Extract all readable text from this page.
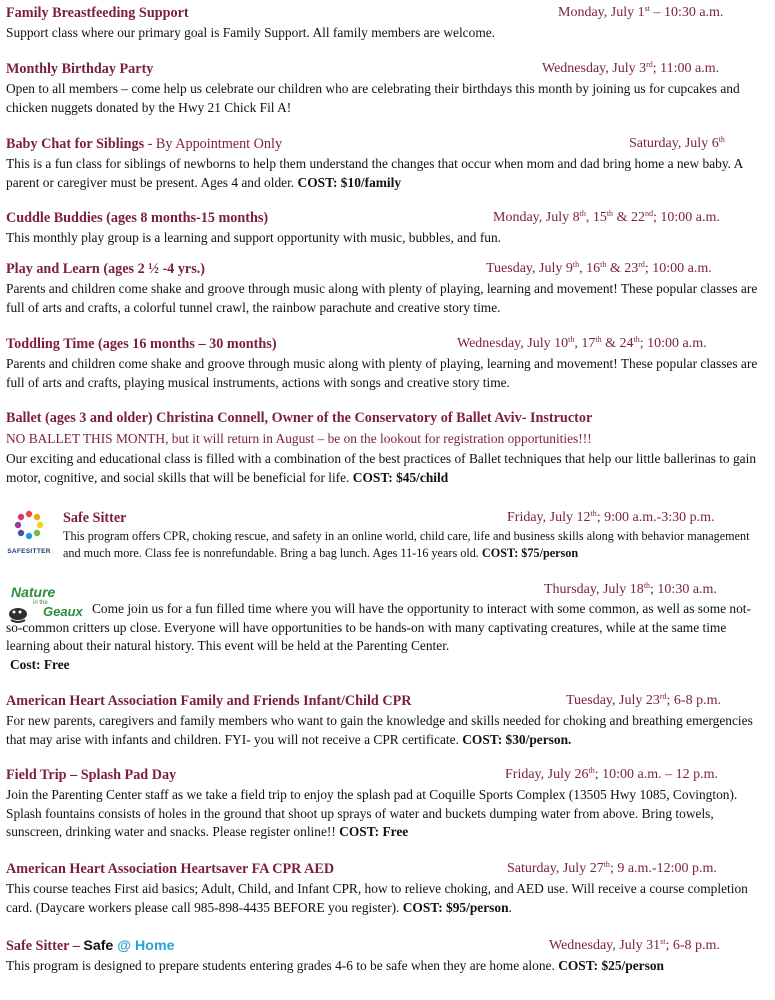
Family Breastfeeding Support	Monday, July 1st – 10:30 a.m.

Support class where our primary goal is Family Support. All family members are welcome.

Monthly Birthday Party	Wednesday, July 3rd; 11:00 a.m.

Open to all members – come help us celebrate our children who are celebrating their birthdays this month by joining us for cupcakes and chicken nuggets donated by the Hwy 21 Chick Fil A!

Baby Chat for Siblings - By Appointment Only	Saturday, July 6th

This is a fun class for siblings of newborns to help them understand the changes that occur when mom and dad bring home a new baby. A parent or caregiver must be present. Ages 4 and older. COST: $10/family

Cuddle Buddies (ages 8 months-15 months)	Monday, July 8th, 15th & 22nd; 10:00 a.m.

This monthly play group is a learning and support opportunity with music, bubbles, and fun.

Play and Learn (ages 2 ½ -4 yrs.)	Tuesday, July 9th, 16th & 23rd; 10:00 a.m.

Parents and children come shake and groove through music along with plenty of playing, learning and movement! These popular classes are full of arts and crafts, a colorful tunnel crawl, the rainbow parachute and creative story time.

Toddling Time (ages 16 months – 30 months)	Wednesday, July 10th, 17th & 24th; 10:00 a.m.

Parents and children come shake and groove through music along with plenty of playing, learning and movement! These popular classes are full of arts and crafts, playing musical instruments, actions with songs and creative story time.

Ballet (ages 3 and older) Christina Connell, Owner of the Conservatory of Ballet Aviv- Instructor

NO BALLET THIS MONTH, but it will return in August – be on the lookout for registration opportunities!!!

Our exciting and educational class is filled with a combination of the best practices of Ballet techniques that help our little ballerinas to gain motor, cognitive, and social skills that will be beneficial for life. COST: $45/child

SAFESITTER
Safe Sitter	Friday, July 12th; 9:00 a.m.-3:30 p.m.

This program offers CPR, choking rescue, and safety in an online world, child care, life and business skills along with behavior management and much more. Class fee is nonrefundable. Bring a bag lunch. Ages 11-16 years old. COST: $75/person

Nature
in the
Geaux
Thursday, July 18th; 10:30 a.m.

Come join us for a fun filled time where you will have the opportunity to interact with some common, as well as some not-so-common critters up close. Everyone will have opportunities to be hands-on with many captivating creatures, while at the same time learning about their natural history. This event will be held at the Parenting Center.

Cost: Free

American Heart Association Family and Friends Infant/Child CPR	Tuesday, July 23rd; 6-8 p.m.

For new parents, caregivers and family members who want to gain the knowledge and skills needed for choking and breathing emergencies that may arise with infants and children. FYI- you will not receive a CPR certificate. COST: $30/person.

Field Trip – Splash Pad Day	Friday, July 26th; 10:00 a.m. – 12 p.m.

Join the Parenting Center staff as we take a field trip to enjoy the splash pad at Coquille Sports Complex (13505 Hwy 1085, Covington). Splash fountains consists of holes in the ground that shoot up sprays of water and buckets dumping water from above. Bring towels, sunscreen, drinking water and snacks. Please register online!! COST: Free

American Heart Association Heartsaver FA CPR AED	Saturday, July 27th; 9 a.m.-12:00 p.m.

This course teaches First aid basics; Adult, Child, and Infant CPR, how to relieve choking, and AED use. Will receive a course completion card. (Daycare workers please call 985-898-4435 BEFORE you register). COST: $95/person.

Safe Sitter – Safe @ Home	Wednesday, July 31st; 6-8 p.m.

This program is designed to prepare students entering grades 4-6 to be safe when they are home alone. COST: $25/person
